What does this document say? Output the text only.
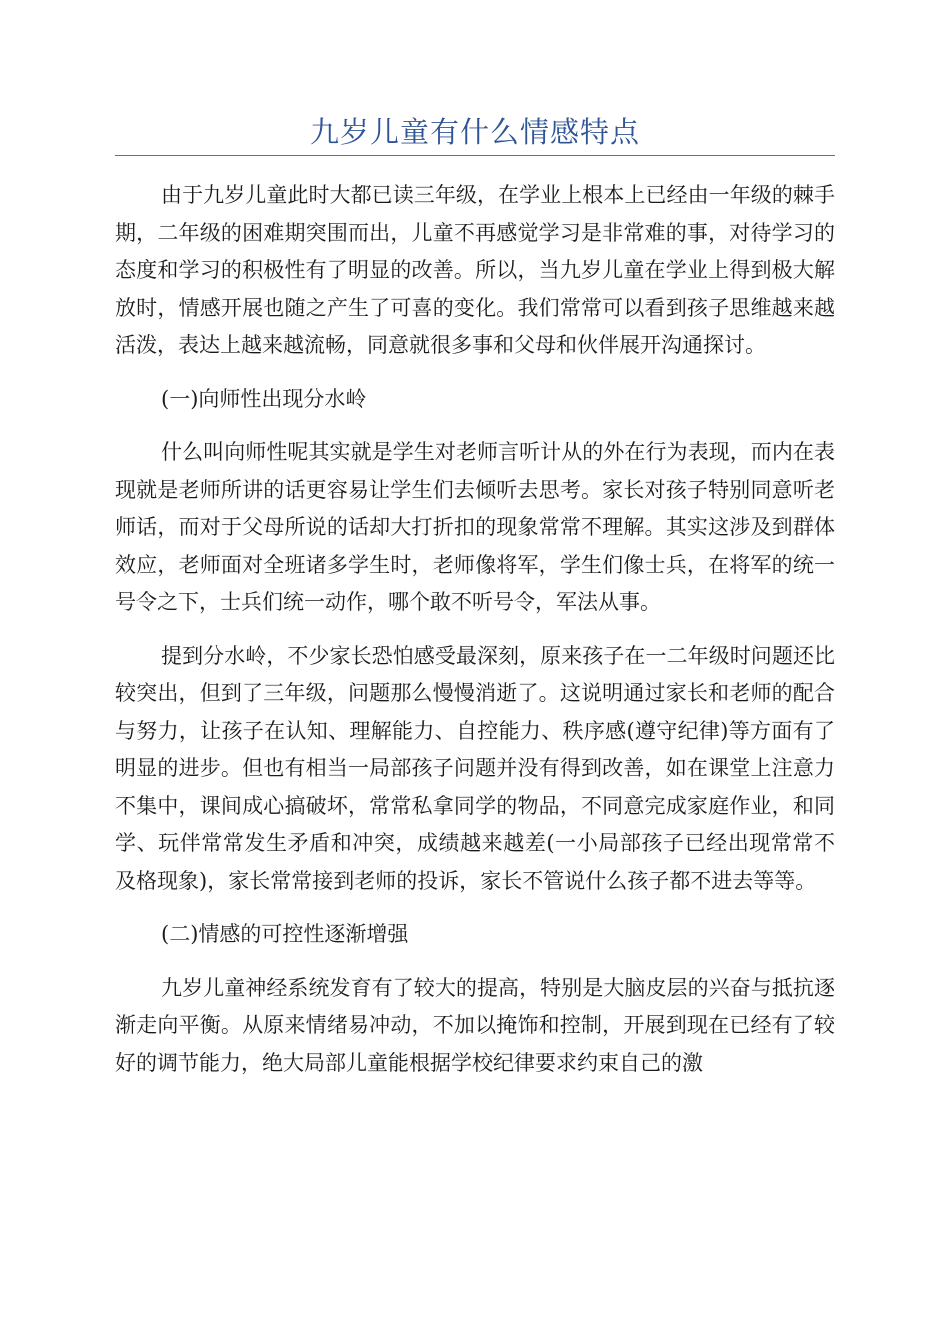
九岁儿童有什么情感特点

由于九岁儿童此时大都已读三年级，在学业上根本上已经由一年级的棘手期，二年级的困难期突围而出，儿童不再感觉学习是非常难的事，对待学习的态度和学习的积极性有了明显的改善。所以，当九岁儿童在学业上得到极大解放时，情感开展也随之产生了可喜的变化。我们常常可以看到孩子思维越来越活泼，表达上越来越流畅，同意就很多事和父母和伙伴展开沟通探讨。

(一)向师性出现分水岭

什么叫向师性呢其实就是学生对老师言听计从的外在行为表现，而内在表现就是老师所讲的话更容易让学生们去倾听去思考。家长对孩子特别同意听老师话，而对于父母所说的话却大打折扣的现象常常不理解。其实这涉及到群体效应，老师面对全班诸多学生时，老师像将军，学生们像士兵，在将军的统一号令之下，士兵们统一动作，哪个敢不听号令，军法从事。

提到分水岭，不少家长恐怕感受最深刻，原来孩子在一二年级时问题还比较突出，但到了三年级，问题那么慢慢消逝了。这说明通过家长和老师的配合与努力，让孩子在认知、理解能力、自控能力、秩序感(遵守纪律)等方面有了明显的进步。但也有相当一局部孩子问题并没有得到改善，如在课堂上注意力不集中，课间成心搞破坏，常常私拿同学的物品，不同意完成家庭作业，和同学、玩伴常常发生矛盾和冲突，成绩越来越差(一小局部孩子已经出现常常不及格现象)，家长常常接到老师的投诉，家长不管说什么孩子都不进去等等。

(二)情感的可控性逐渐增强

九岁儿童神经系统发育有了较大的提高，特别是大脑皮层的兴奋与抵抗逐渐走向平衡。从原来情绪易冲动，不加以掩饰和控制，开展到现在已经有了较好的调节能力，绝大局部儿童能根据学校纪律要求约束自己的激
